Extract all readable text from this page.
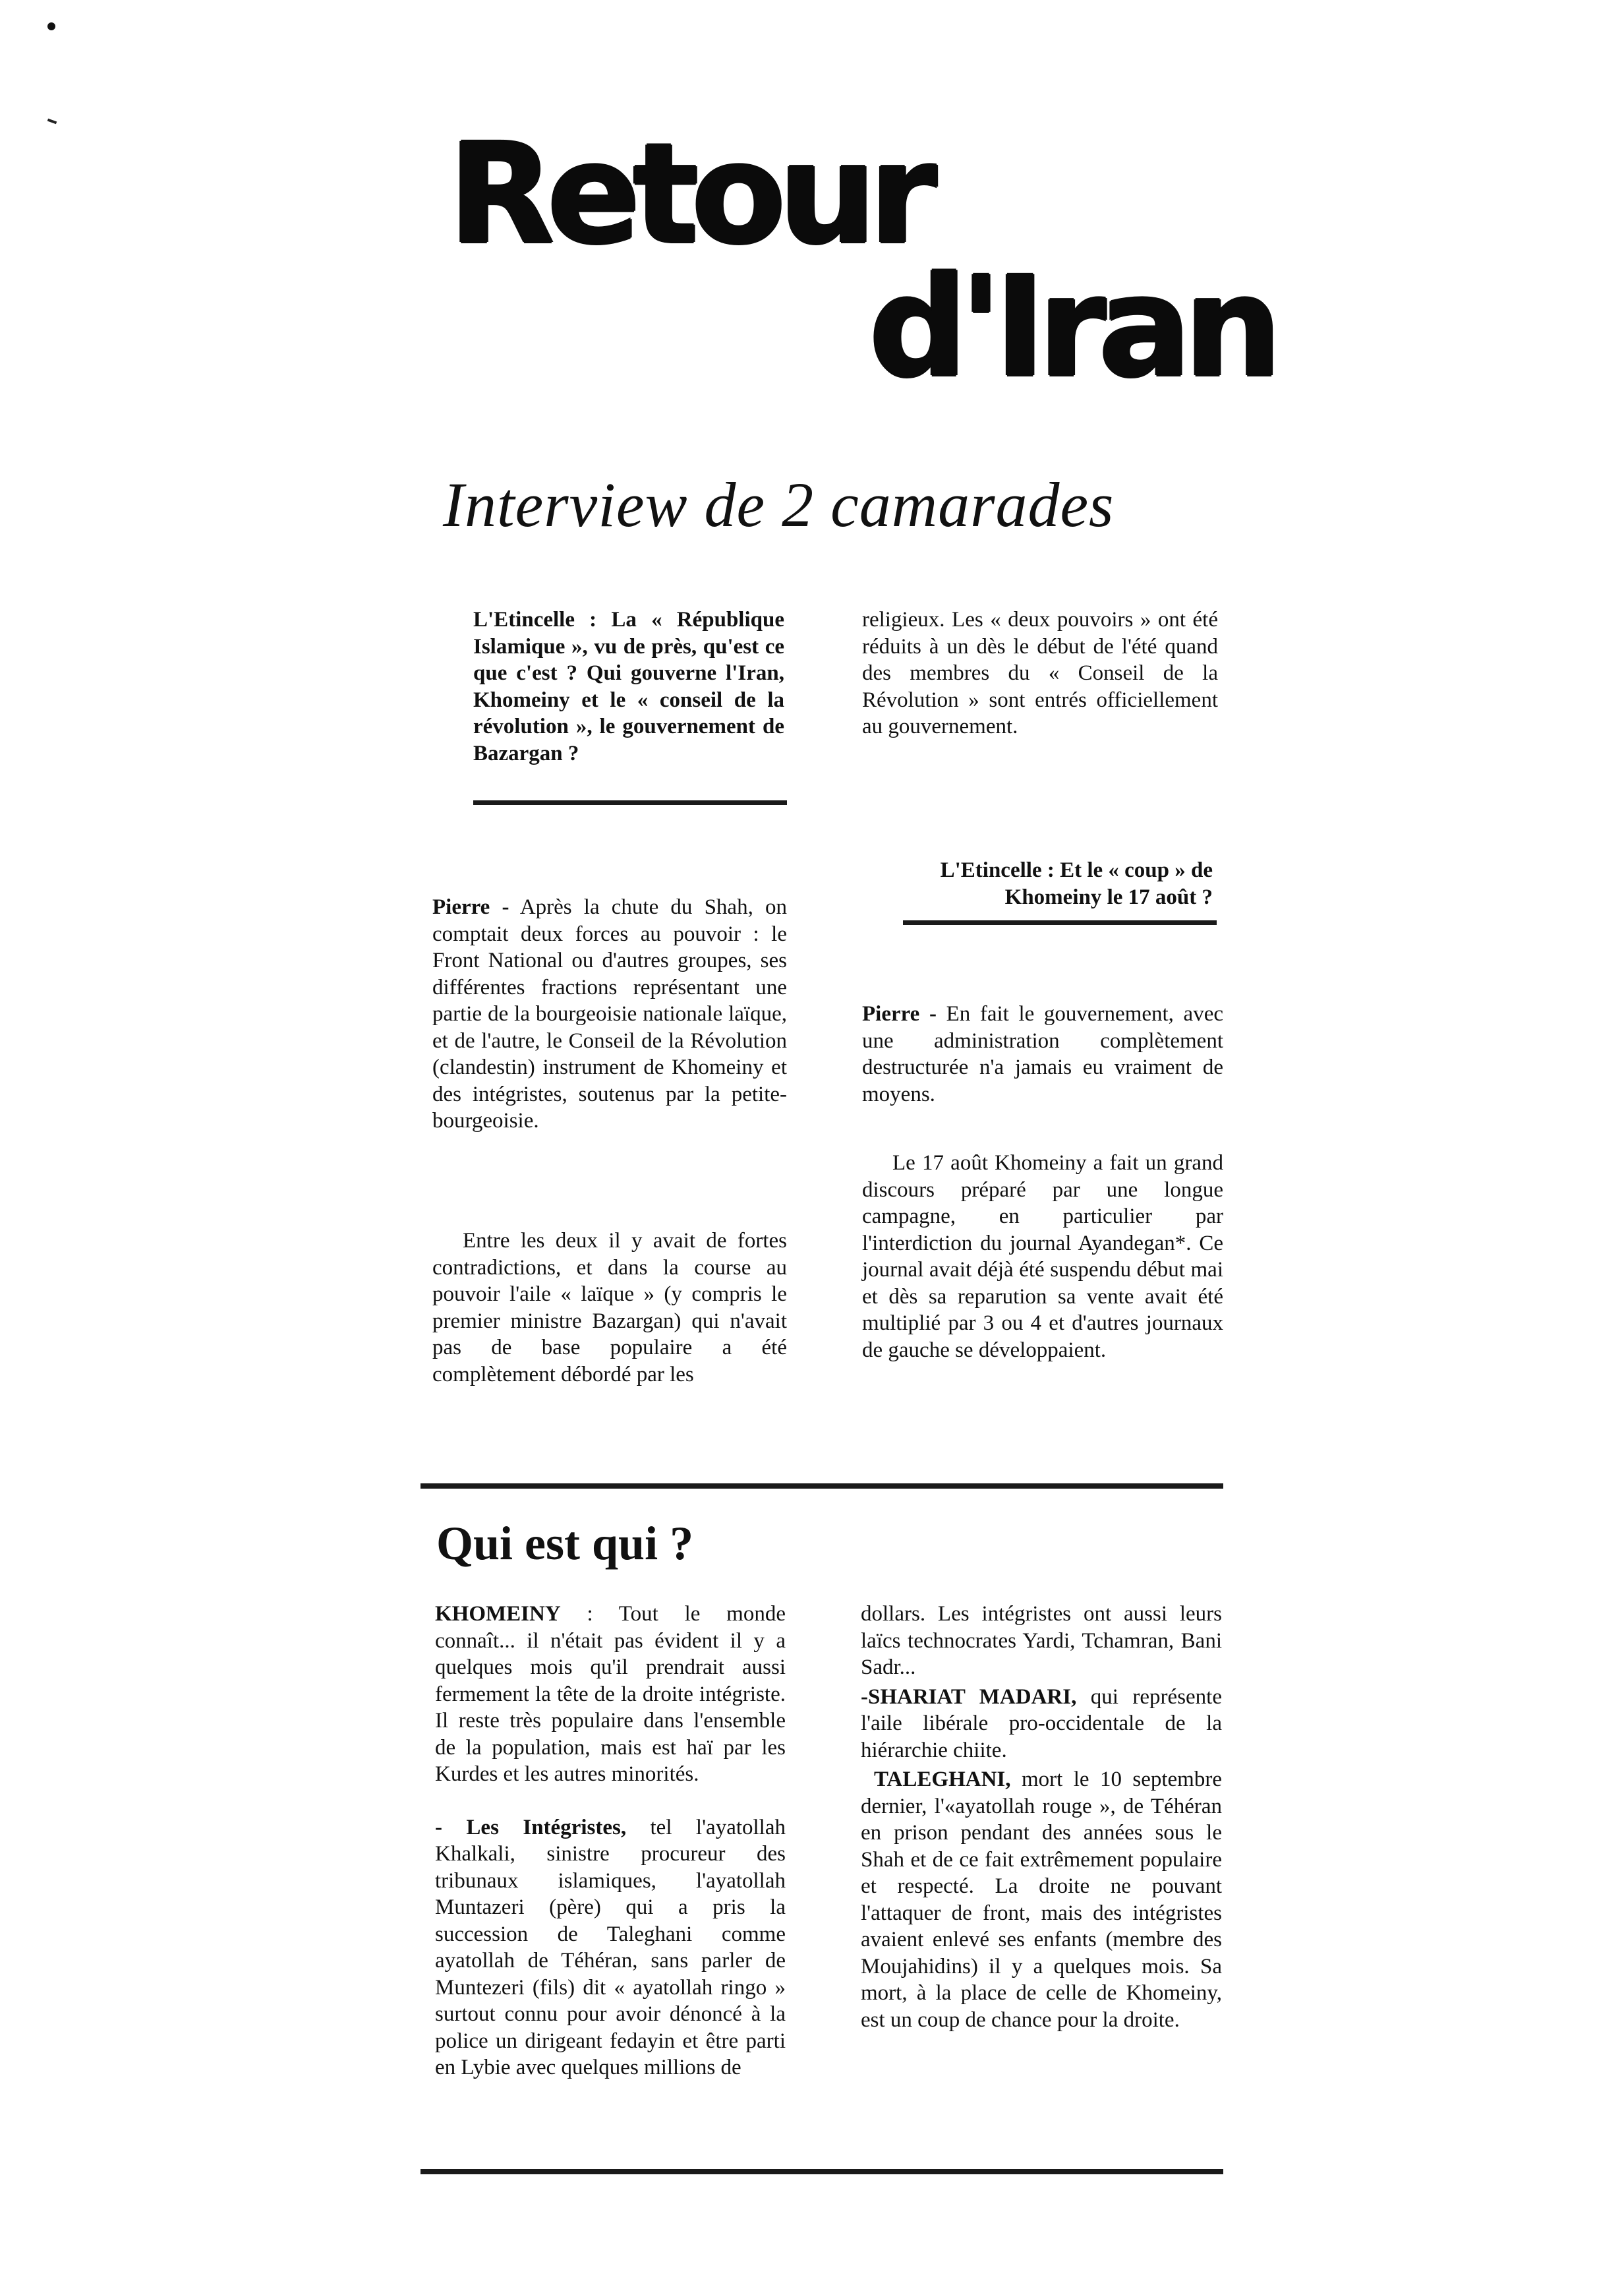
Retour
d'Iran
Interview de 2 camarades

L'Etincelle : La « République Islamique », vu de près, qu'est ce que c'est ? Qui gouverne l'Iran, Khomeiny et le « conseil de la révolution », le gouvernement de Bazargan ?

Pierre - Après la chute du Shah, on comptait deux forces au pouvoir : le Front National ou d'autres groupes, ses différentes fractions représentant une partie de la bourgeoisie nationale laïque, et de l'autre, le Conseil de la Révolution (clandestin) instrument de Khomeiny et des intégristes, soutenus par la petite-bourgeoisie.

Entre les deux il y avait de fortes contradictions, et dans la course au pouvoir l'aile « laïque » (y compris le premier ministre Bazargan) qui n'avait pas de base populaire a été complètement débordé par les

religieux. Les « deux pouvoirs » ont été réduits à un dès le début de l'été quand des membres du « Conseil de la Révolution » sont entrés officiellement au gouvernement.

L'Etincelle : Et le « coup » de Khomeiny le 17 août ?

Pierre - En fait le gouvernement, avec une administration complètement destructurée n'a jamais eu vraiment de moyens.

Le 17 août Khomeiny a fait un grand discours préparé par une longue campagne, en particulier par l'interdiction du journal Ayandegan*. Ce journal avait déjà été suspendu début mai et dès sa reparution sa vente avait été multiplié par 3 ou 4 et d'autres journaux de gauche se développaient.

Qui est qui ?

KHOMEINY : Tout le monde connaît... il n'était pas évident il y a quelques mois qu'il prendrait aussi fermement la tête de la droite intégriste. Il reste très populaire dans l'ensemble de la population, mais est haï par les Kurdes et les autres minorités.

- Les Intégristes, tel l'ayatollah Khalkali, sinistre procureur des tribunaux islamiques, l'ayatollah Muntazeri (père) qui a pris la succession de Taleghani comme ayatollah de Téhéran, sans parler de Muntezeri (fils) dit « ayatollah ringo » surtout connu pour avoir dénoncé à la police un dirigeant fedayin et être parti en Lybie avec quelques millions de

dollars. Les intégristes ont aussi leurs laïcs technocrates Yardi, Tchamran, Bani Sadr...

-SHARIAT MADARI, qui représente l'aile libérale pro-occidentale de la hiérarchie chiite.

TALEGHANI, mort le 10 septembre dernier, l'«ayatollah rouge », de Téhéran en prison pendant des années sous le Shah et de ce fait extrêmement populaire et respecté. La droite ne pouvant l'attaquer de front, mais des intégristes avaient enlevé ses enfants (membre des Moujahidins) il y a quelques mois. Sa mort, à la place de celle de Khomeiny, est un coup de chance pour la droite.
